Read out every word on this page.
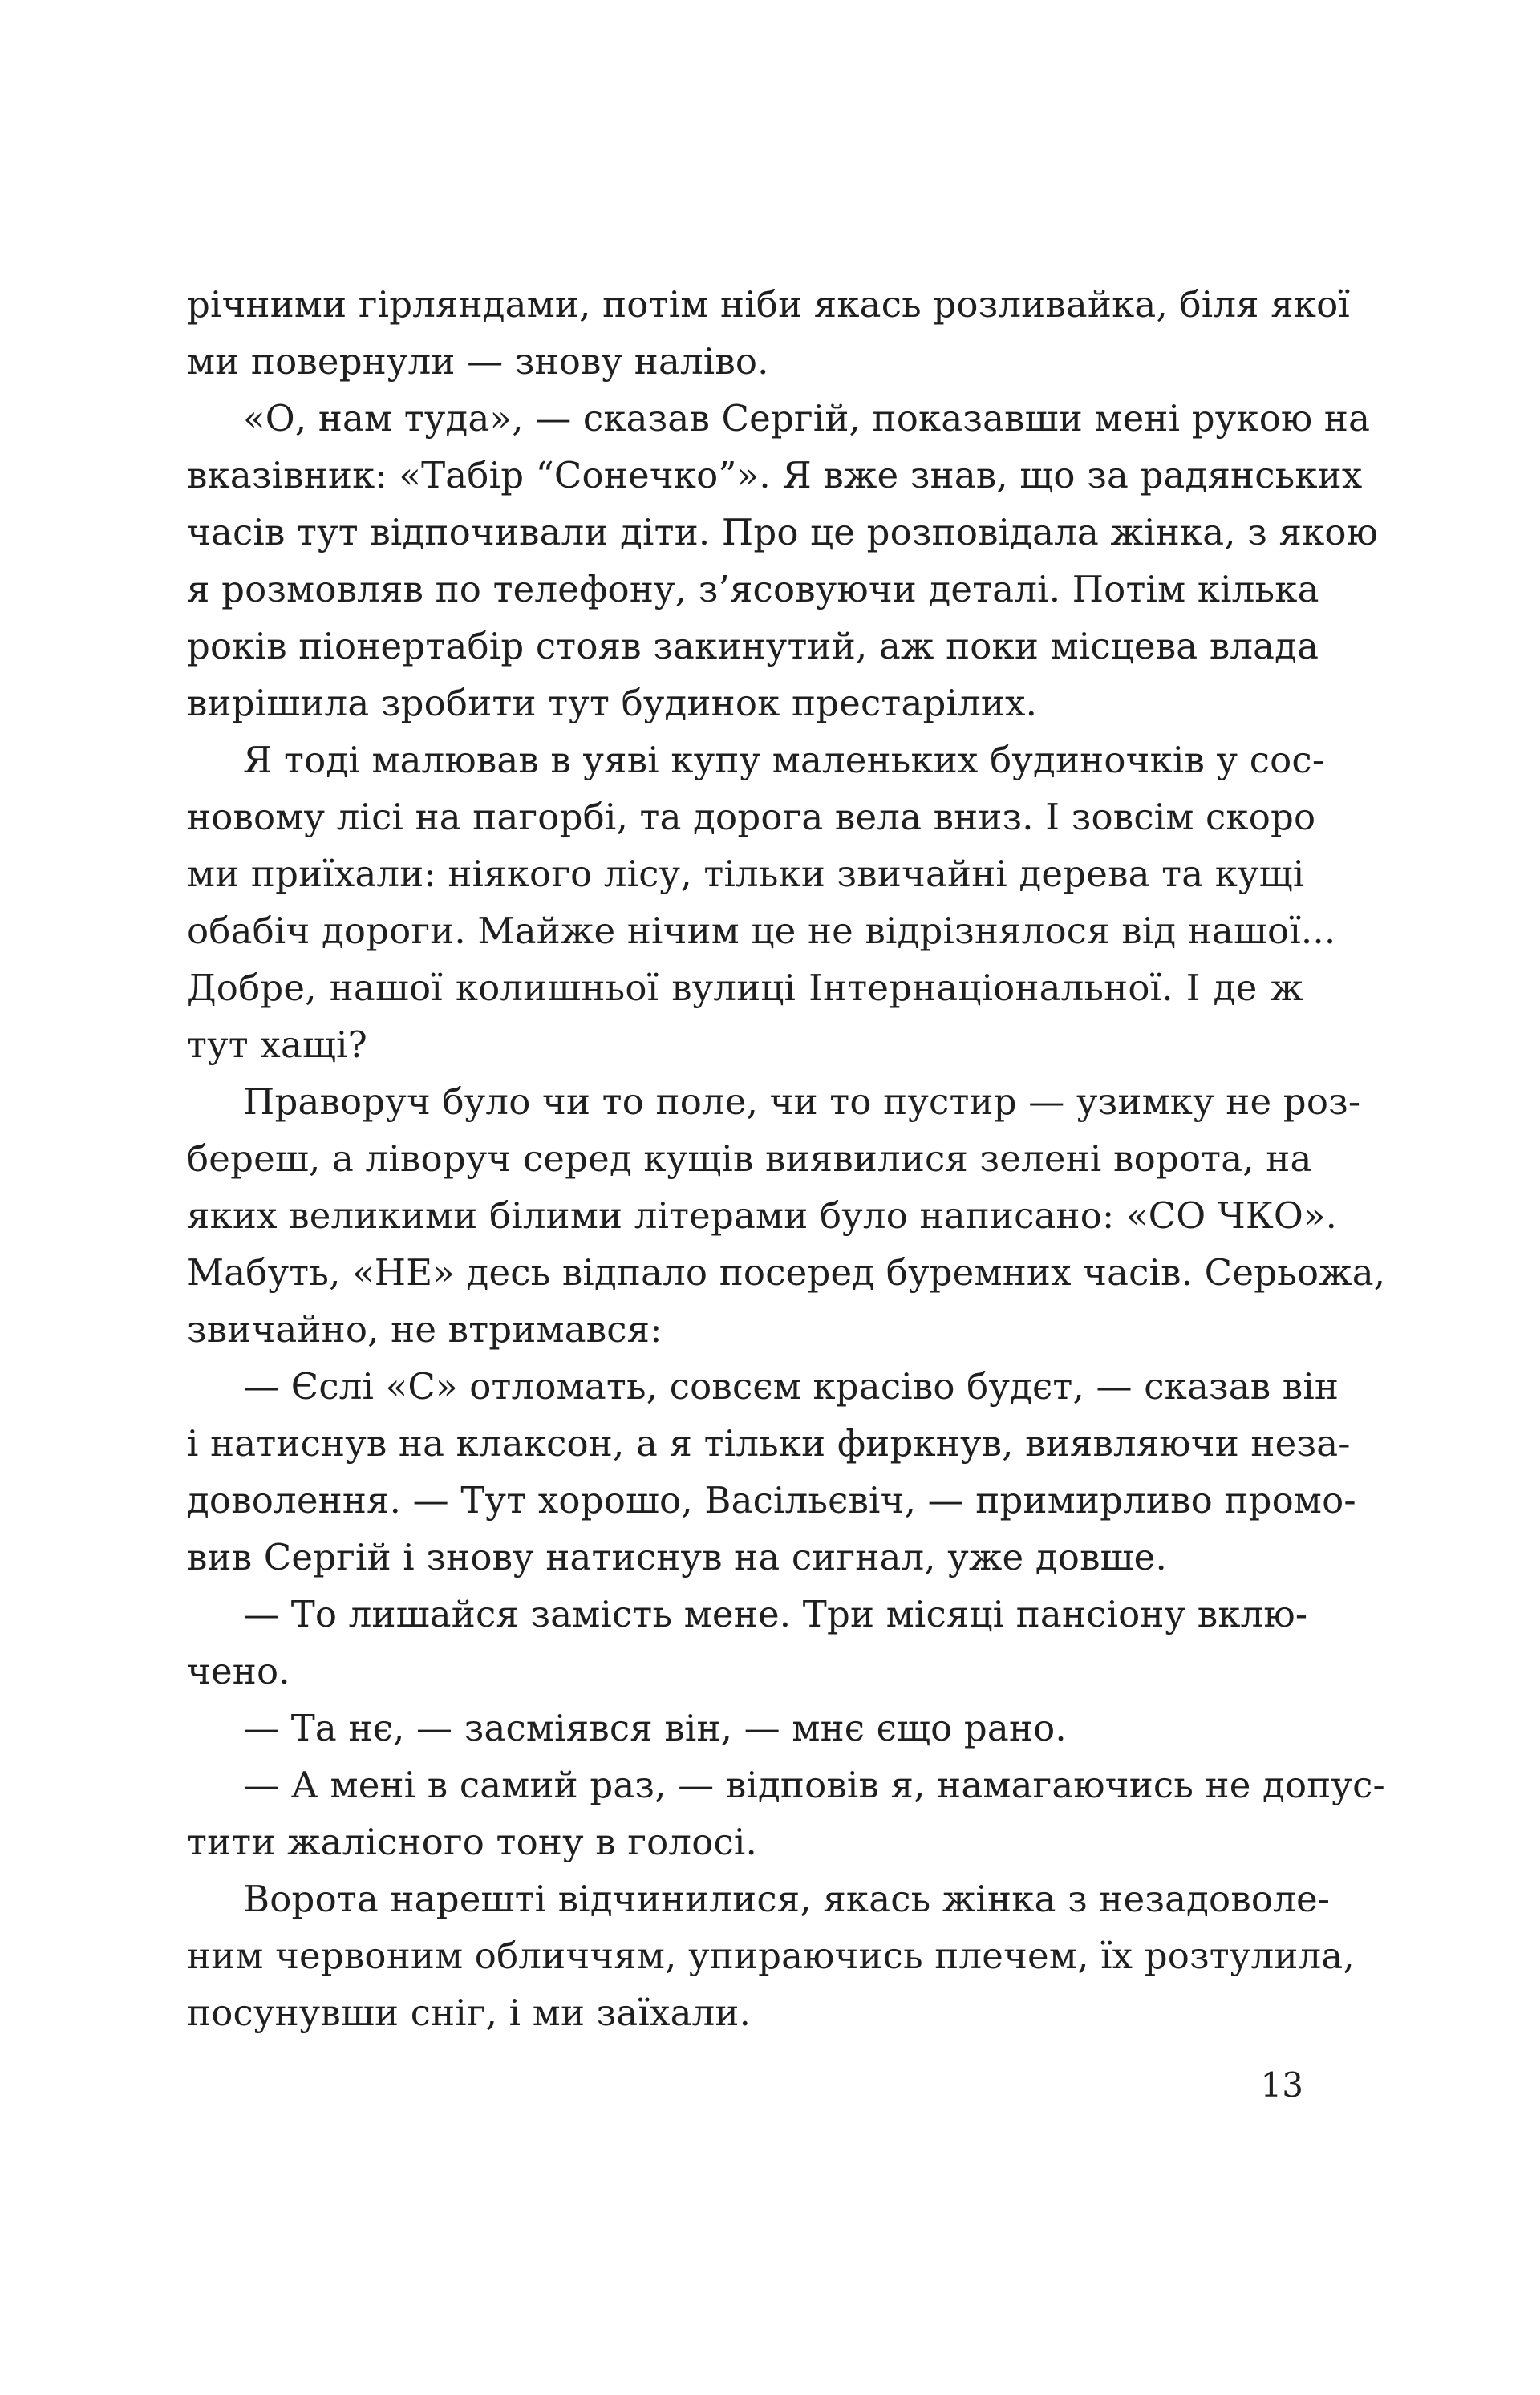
річними гірляндами, потім ніби якась розливайка, біля якої
ми повернули — знову наліво.
«О, нам туда», — сказав Сергій, показавши мені рукою на
вказівник: «Табір “Сонечко”». Я вже знав, що за радянських
часів тут відпочивали діти. Про це розповідала жінка, з якою
я розмовляв по телефону, з’ясовуючи деталі. Потім кілька
років піонертабір стояв закинутий, аж поки місцева влада
вирішила зробити тут будинок престарілих.
Я тоді малював в уяві купу маленьких будиночків у сос-
новому лісі на пагорбі, та дорога вела вниз. І зовсім скоро
ми приїхали: ніякого лісу, тільки звичайні дерева та кущі
обабіч дороги. Майже нічим це не відрізнялося від нашої...
Добре, нашої колишньої вулиці Інтернаціональної. І де ж
тут хащі?
Праворуч було чи то поле, чи то пустир — узимку не роз-
береш, а ліворуч серед кущів виявилися зелені ворота, на
яких великими білими літерами було написано: «СО ЧКО».
Мабуть, «НЕ» десь відпало посеред буремних часів. Серьожа,
звичайно, не втримався:
— Єслі «С» отломать, совсєм красіво будєт, — сказав він
і натиснув на клаксон, а я тільки фиркнув, виявляючи неза-
доволення. — Тут хорошо, Васільєвіч, — примирливо промо-
вив Сергій і знову натиснув на сигнал, уже довше.
— То лишайся замість мене. Три місяці пансіону вклю-
чено.
— Та нє, — засміявся він, — мнє єщо рано.
— А мені в самий раз, — відповів я, намагаючись не допус-
тити жалісного тону в голосі.
Ворота нарешті відчинилися, якась жінка з незадоволе-
ним червоним обличчям, упираючись плечем, їх розтулила,
посунувши сніг, і ми заїхали.
13
